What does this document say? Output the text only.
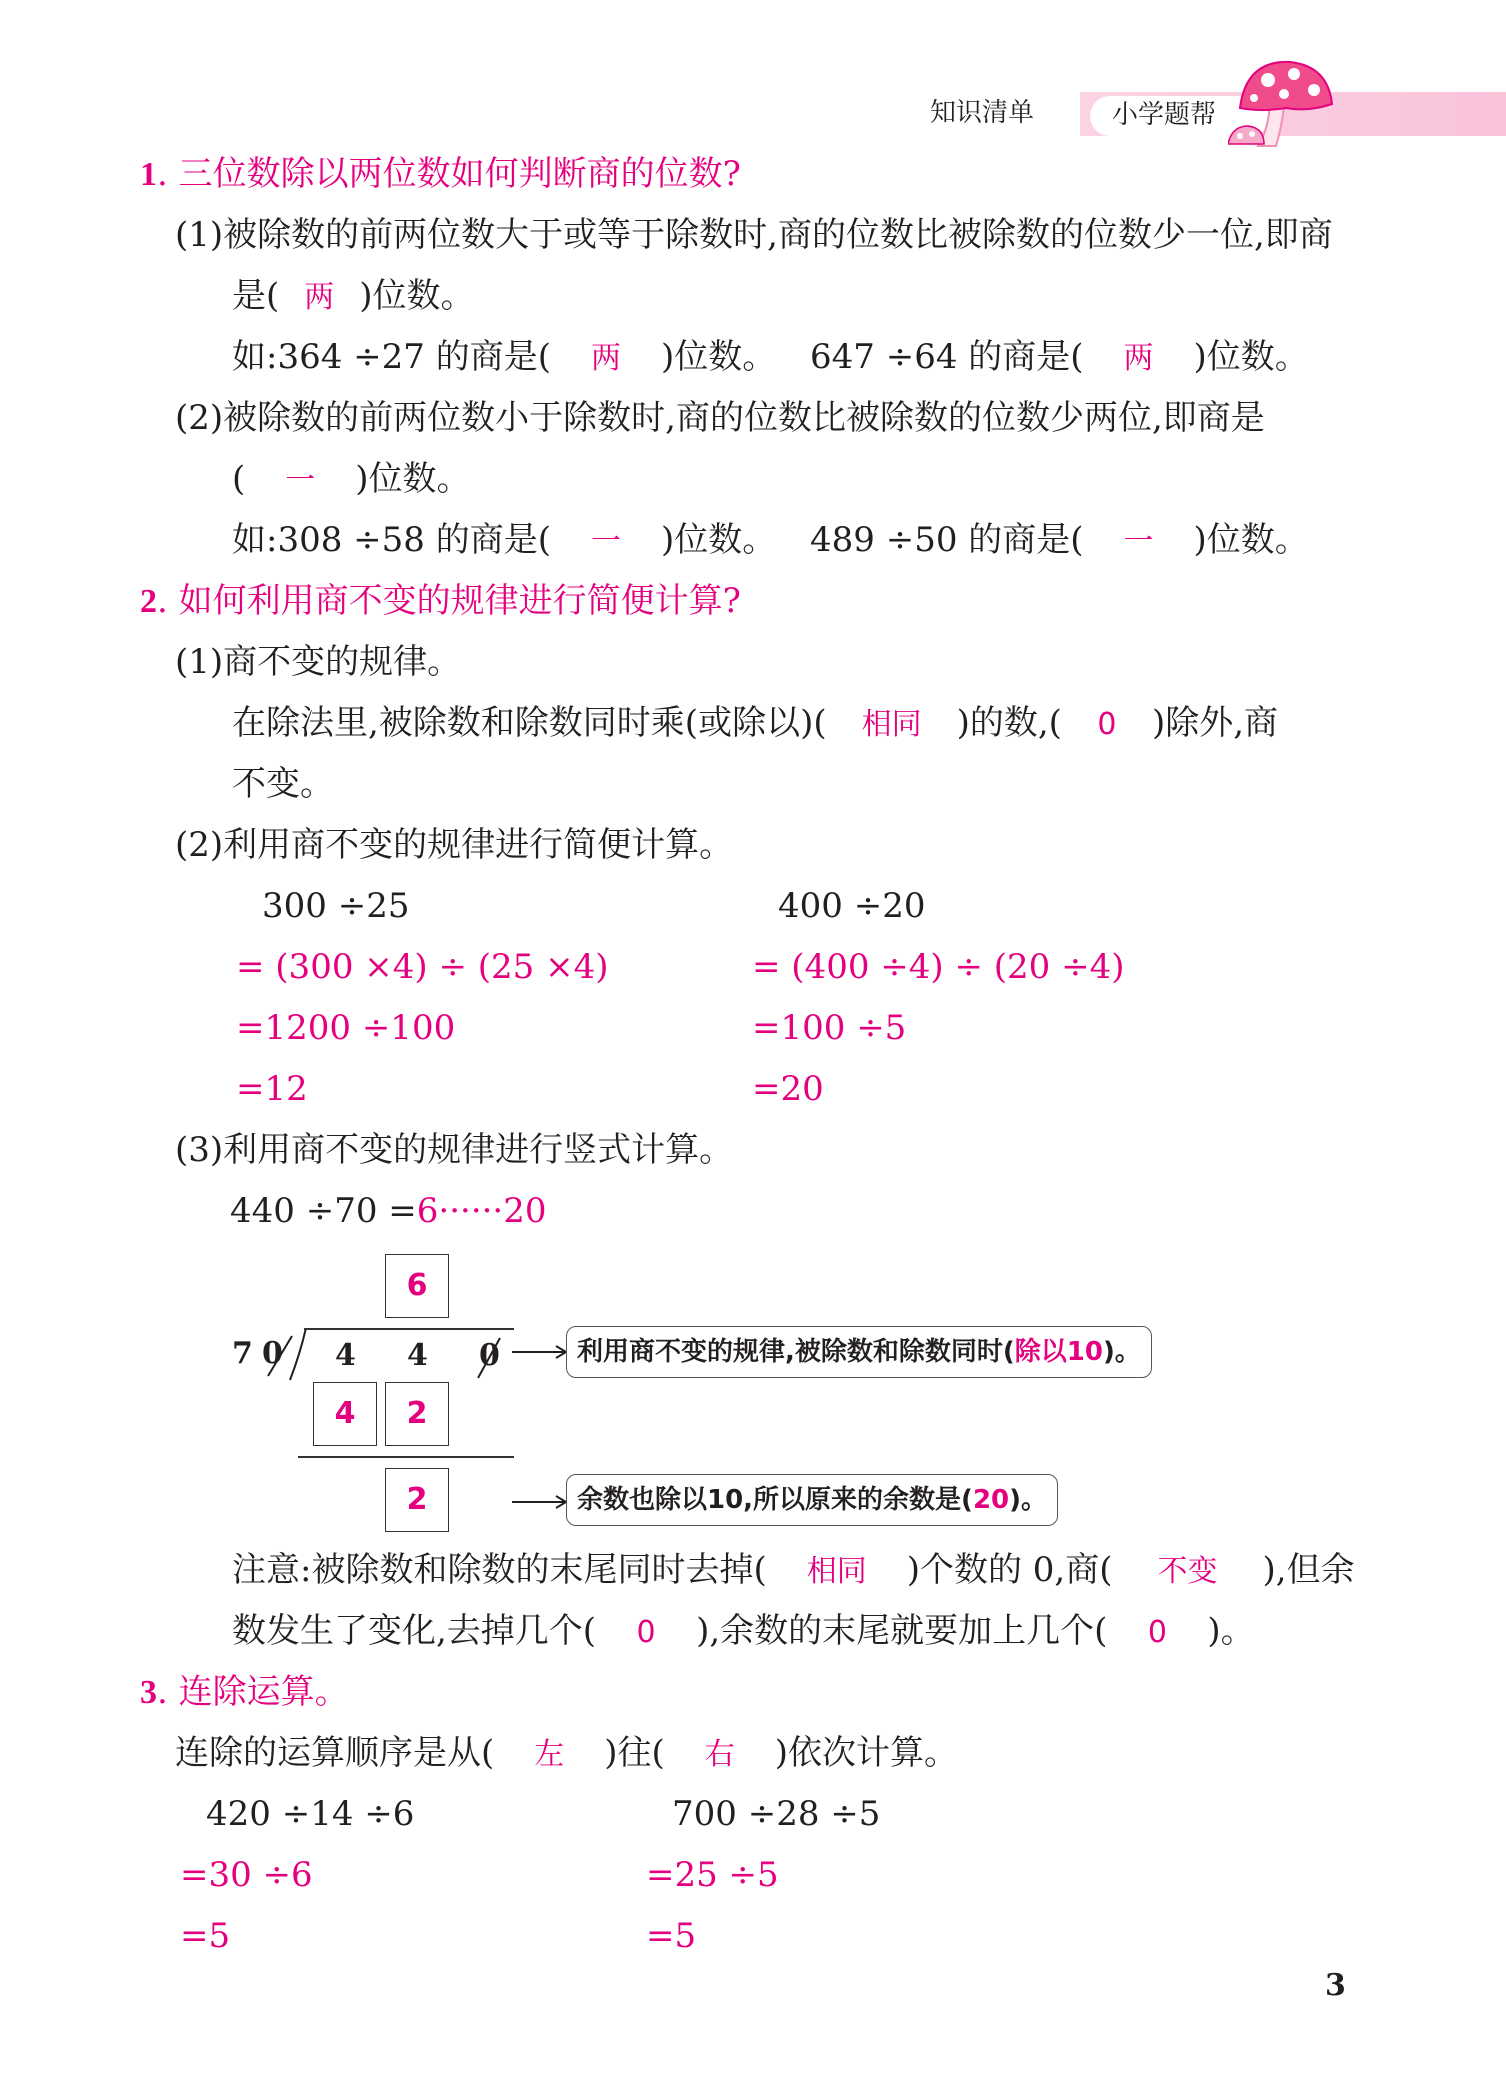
知识清单	小学题帮
1. 三位数除以两位数如何判断商的位数?
(1)被除数的前两位数大于或等于除数时,商的位数比被除数的位数少一位,即商
是( 两 )位数。
如:364 ÷27 的商是( 两 )位数。 647 ÷64 的商是( 两 )位数。
(2)被除数的前两位数小于除数时,商的位数比被除数的位数少两位,即商是
( 一 )位数。
如:308 ÷58 的商是( 一 )位数。 489 ÷50 的商是( 一 )位数。
2. 如何利用商不变的规律进行简便计算?
(1)商不变的规律。
在除法里,被除数和除数同时乘(或除以)( 相同 )的数,( 0 )除外,商
不变。
(2)利用商不变的规律进行简便计算。
300 ÷25
= (300 ×4) ÷ (25 ×4)
=1200 ÷100
=12
400 ÷20
= (400 ÷4) ÷ (20 ÷4)
=100 ÷5
=20
(3)利用商不变的规律进行竖式计算。
440 ÷70 =6······20
6
7 0 4 4 0
4	2
2
利用商不变的规律,被除数和除数同时(除以10)。
余数也除以10,所以原来的余数是(20)。
注意:被除数和除数的末尾同时去掉( 相同 )个数的 0,商( 不变 ),但余
数发生了变化,去掉几个( 0 ),余数的末尾就要加上几个( 0 )。
3. 连除运算。
连除的运算顺序是从( 左 )往( 右 )依次计算。
420 ÷14 ÷6
=30 ÷6
=5
700 ÷28 ÷5
=25 ÷5
=5
3
